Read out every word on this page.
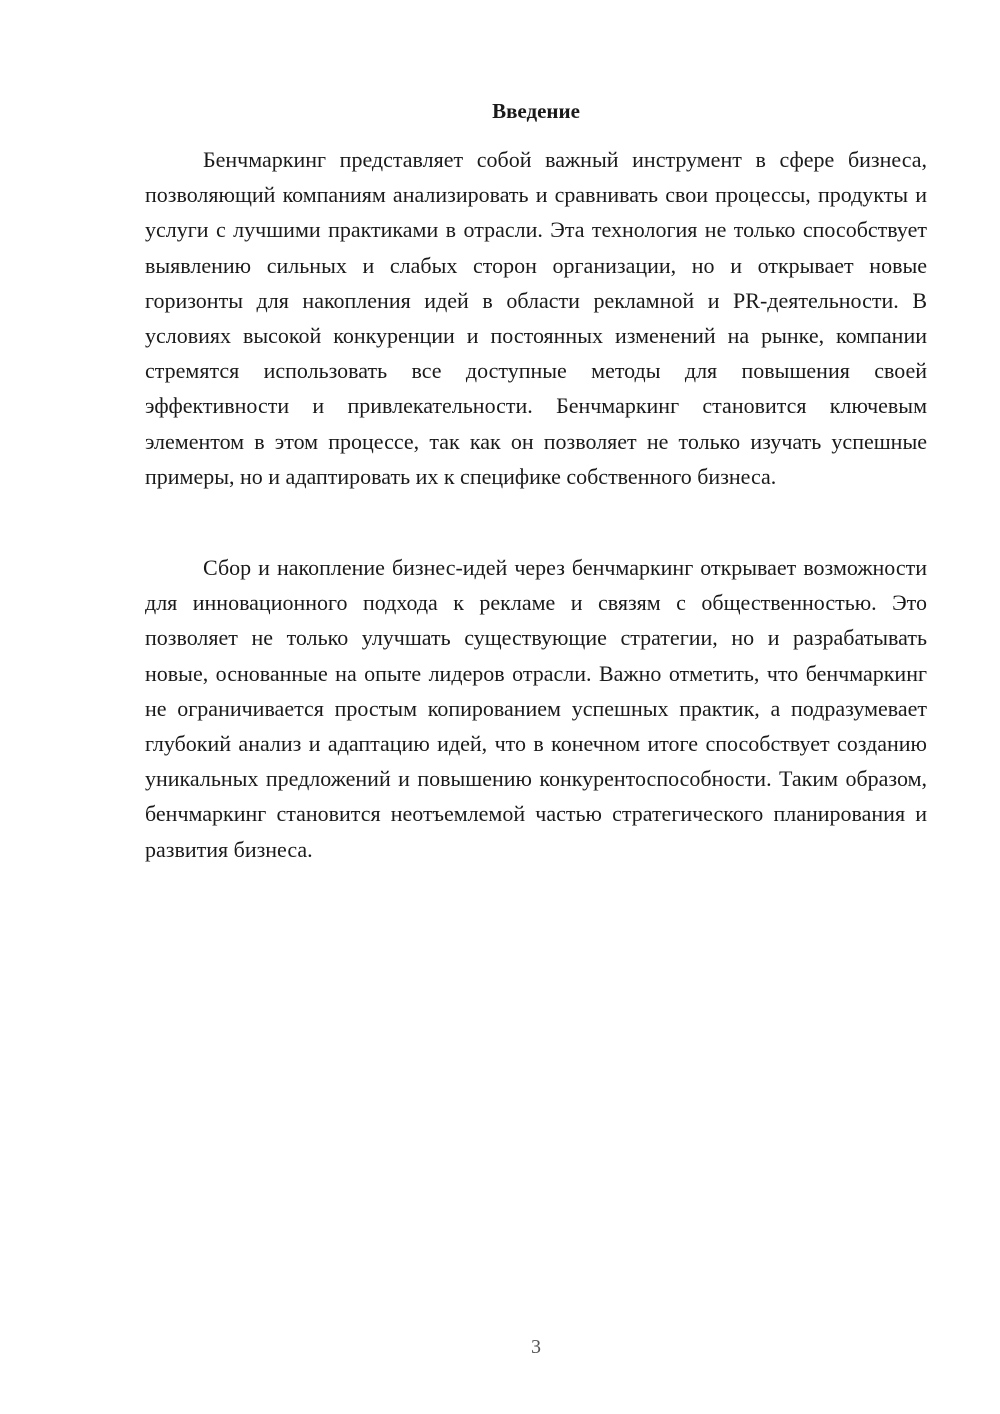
Введение

Бенчмаркинг представляет собой важный инструмент в сфере бизнеса, позволяющий компаниям анализировать и сравнивать свои процессы, продукты и услуги с лучшими практиками в отрасли. Эта технология не только способствует выявлению сильных и слабых сторон организации, но и открывает новые горизонты для накопления идей в области рекламной и PR-деятельности. В условиях высокой конкуренции и постоянных изменений на рынке, компании стремятся использовать все доступные методы для повышения своей эффективности и привлекательности. Бенчмаркинг становится ключевым элементом в этом процессе, так как он позволяет не только изучать успешные примеры, но и адаптировать их к специфике собственного бизнеса.

Сбор и накопление бизнес-идей через бенчмаркинг открывает возможности для инновационного подхода к рекламе и связям с общественностью. Это позволяет не только улучшать существующие стратегии, но и разрабатывать новые, основанные на опыте лидеров отрасли. Важно отметить, что бенчмаркинг не ограничивается простым копированием успешных практик, а подразумевает глубокий анализ и адаптацию идей, что в конечном итоге способствует созданию уникальных предложений и повышению конкурентоспособности. Таким образом, бенчмаркинг становится неотъемлемой частью стратегического планирования и развития бизнеса.

3
